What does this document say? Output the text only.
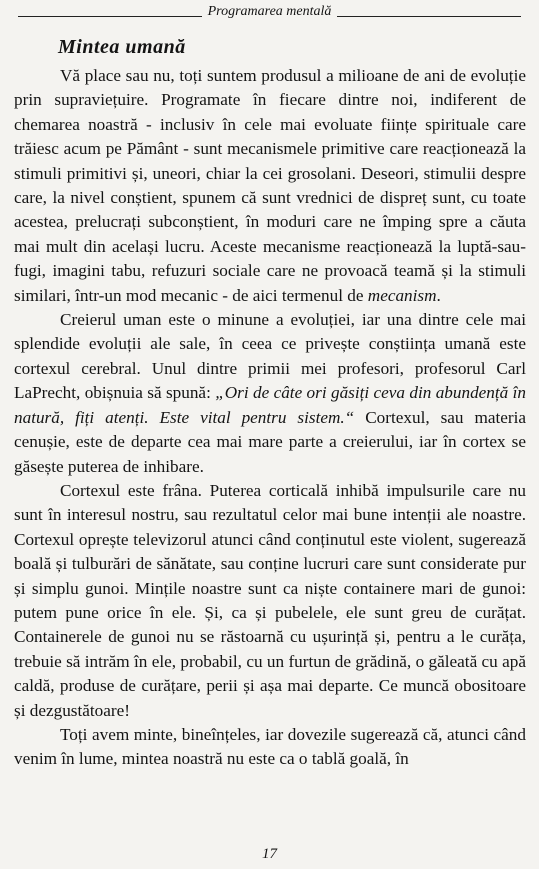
Programarea mentală
Mintea umană

Vă place sau nu, toți suntem produsul a milioane de ani de evoluție prin supraviețuire. Programate în fiecare dintre noi, indiferent de chemarea noastră - inclusiv în cele mai evoluate ființe spirituale care trăiesc acum pe Pământ - sunt mecanismele primitive care reacționează la stimuli primitivi și, uneori, chiar la cei grosolani. Deseori, stimulii despre care, la nivel conștient, spunem că sunt vrednici de dispreț sunt, cu toate acestea, prelucrați subconștient, în moduri care ne împing spre a căuta mai mult din același lucru. Aceste mecanisme reacționează la luptă-sau-fugi, imagini tabu, refuzuri sociale care ne provoacă teamă și la stimuli similari, într-un mod mecanic - de aici termenul de mecanism.

Creierul uman este o minune a evoluției, iar una dintre cele mai splendide evoluții ale sale, în ceea ce privește conștiința umană este cortexul cerebral. Unul dintre primii mei profesori, profesorul Carl LaPrecht, obișnuia să spună: „Ori de câte ori găsiți ceva din abundență în natură, fiți atenți. Este vital pentru sistem.“ Cortexul, sau materia cenușie, este de departe cea mai mare parte a creierului, iar în cortex se găsește puterea de inhibare.

Cortexul este frâna. Puterea corticală inhibă impulsurile care nu sunt în interesul nostru, sau rezultatul celor mai bune intenții ale noastre. Cortexul oprește televizorul atunci când conținutul este violent, sugerează boală și tulburări de sănătate, sau conține lucruri care sunt considerate pur și simplu gunoi. Mințile noastre sunt ca niște containere mari de gunoi: putem pune orice în ele. Și, ca și pubelele, ele sunt greu de curățat. Containerele de gunoi nu se răstoarnă cu ușurință și, pentru a le curăța, trebuie să intrăm în ele, probabil, cu un furtun de grădină, o găleată cu apă caldă, produse de curățare, perii și așa mai departe. Ce muncă obositoare și dezgustătoare!

Toți avem minte, bineînțeles, iar dovezile sugerează că, atunci când venim în lume, mintea noastră nu este ca o tablă goală, în

17
